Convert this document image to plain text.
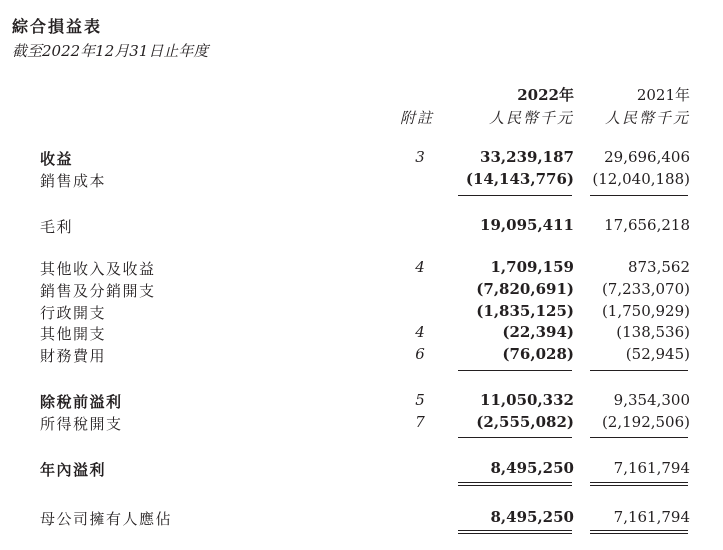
綜合損益表
截至2022年12月31日止年度
2022年	2021年
附註	人民幣千元 人民幣千元
收益	3	33,239,187 29,696,406
銷售成本	(14,143,776) (12,040,188)
毛利	19,095,411 17,656,218
其他收入及收益	4	1,709,159	873,562
銷售及分銷開支	(7,820,691) (7,233,070)
行政開支	(1,835,125) (1,750,929)
其他開支	4	(22,394)	(138,536)
財務費用	6	(76,028)	(52,945)
除稅前溢利	5	11,050,332	9,354,300
所得稅開支	7	(2,555,082) (2,192,506)
年內溢利	8,495,250	7,161,794
母公司擁有人應佔	8,495,250	7,161,794
